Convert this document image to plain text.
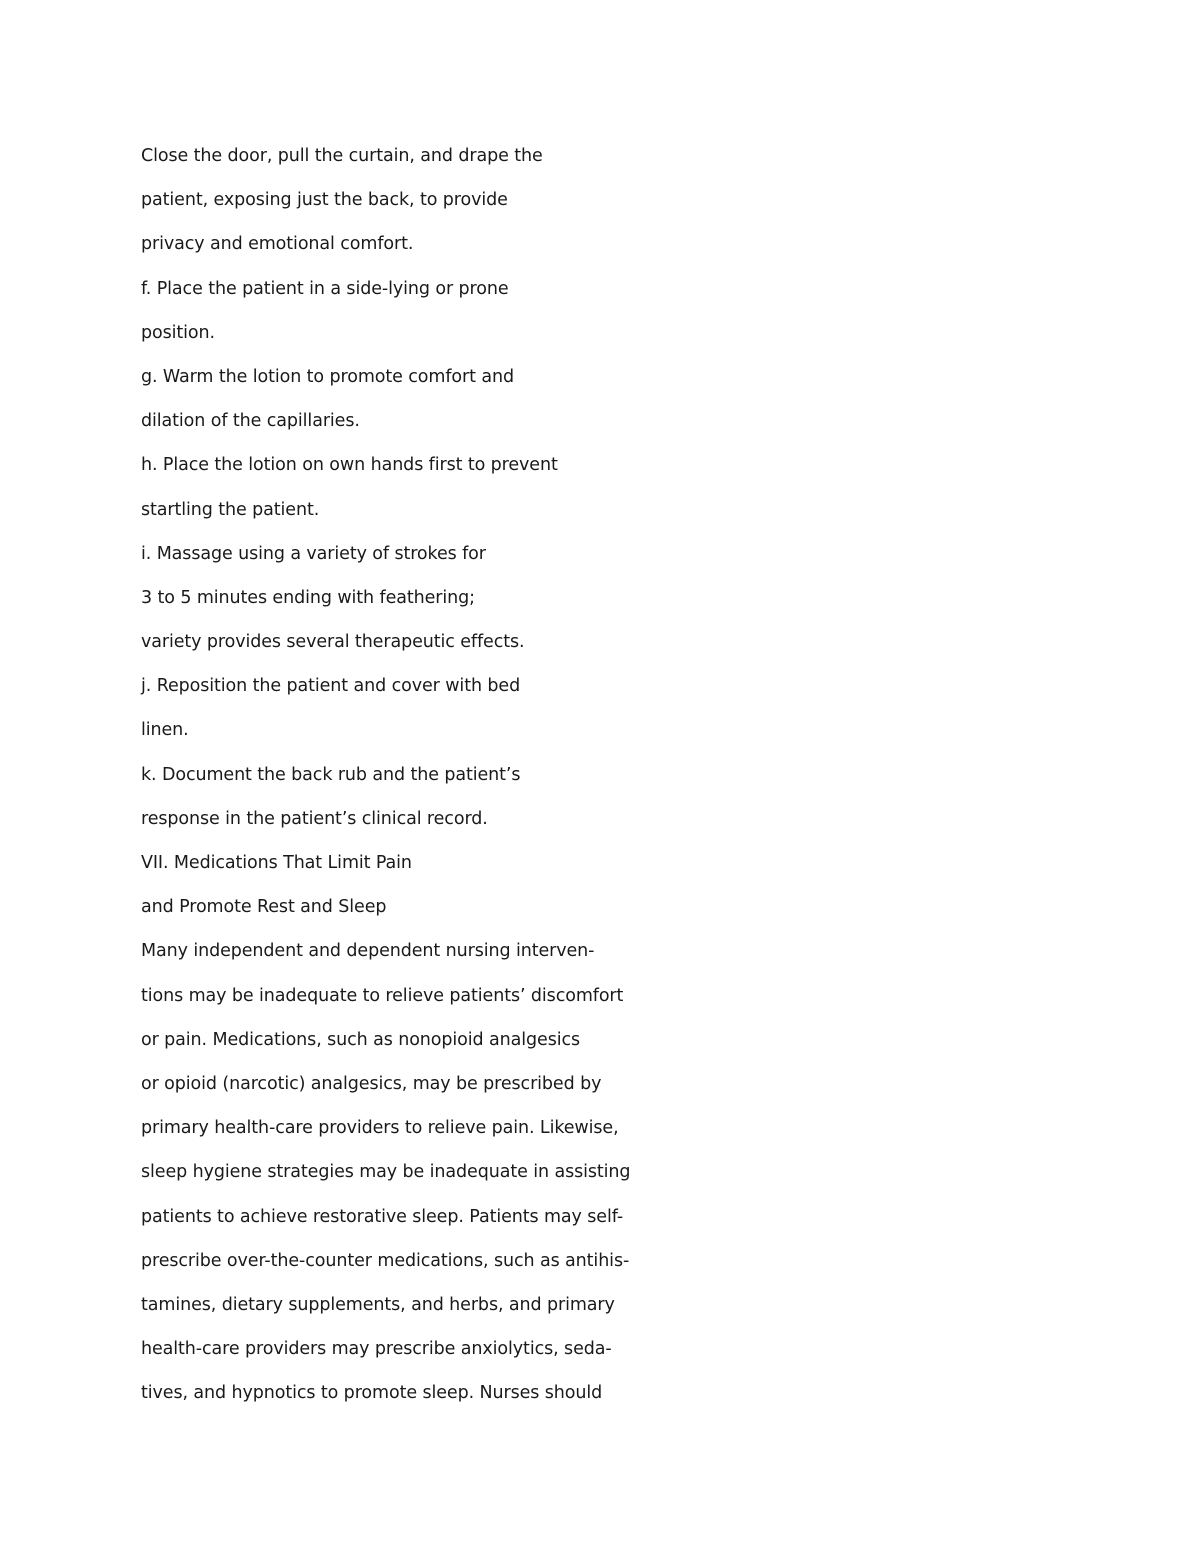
Close the door, pull the curtain, and drape the
patient, exposing just the back, to provide
privacy and emotional comfort.
f. Place the patient in a side-lying or prone
position.
g. Warm the lotion to promote comfort and
dilation of the capillaries.
h. Place the lotion on own hands first to prevent
startling the patient.
i. Massage using a variety of strokes for
3 to 5 minutes ending with feathering;
variety provides several therapeutic effects.
j. Reposition the patient and cover with bed
linen.
k. Document the back rub and the patient’s
response in the patient’s clinical record.
VII. Medications That Limit Pain
and Promote Rest and Sleep
Many independent and dependent nursing interven-
tions may be inadequate to relieve patients’ discomfort
or pain. Medications, such as nonopioid analgesics
or opioid (narcotic) analgesics, may be prescribed by
primary health-care providers to relieve pain. Likewise,
sleep hygiene strategies may be inadequate in assisting
patients to achieve restorative sleep. Patients may self-
prescribe over-the-counter medications, such as antihis-
tamines, dietary supplements, and herbs, and primary
health-care providers may prescribe anxiolytics, seda-
tives, and hypnotics to promote sleep. Nurses should
